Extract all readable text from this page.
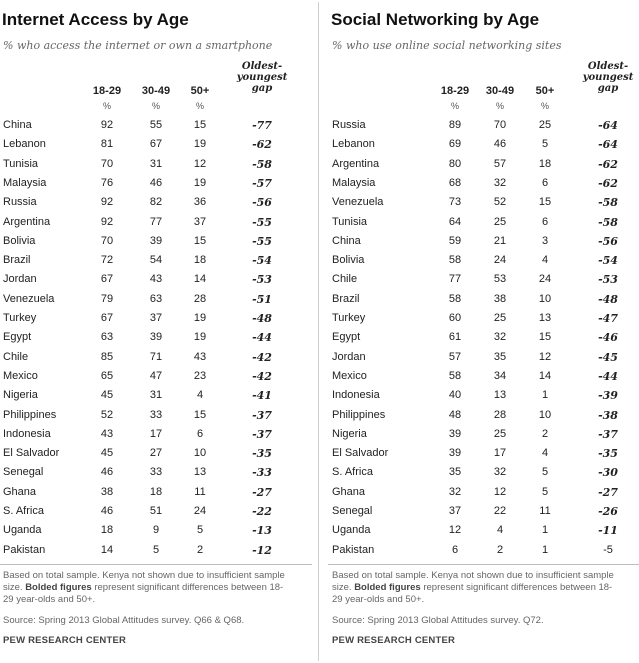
Internet Access by Age
% who access the internet or own a smartphone
Oldest-
youngest
gap
18-29	30-49	50+
%	%	%
China	92	55	15	-77
Lebanon	81	67	19	-62
Tunisia	70	31	12	-58
Malaysia	76	46	19	-57
Russia	92	82	36	-56
Argentina	92	77	37	-55
Bolivia	70	39	15	-55
Brazil	72	54	18	-54
Jordan	67	43	14	-53
Venezuela	79	63	28	-51
Turkey	67	37	19	-48
Egypt	63	39	19	-44
Chile	85	71	43	-42
Mexico	65	47	23	-42
Nigeria	45	31	4	-41
Philippines	52	33	15	-37
Indonesia	43	17	6	-37
El Salvador	45	27	10	-35
Senegal	46	33	13	-33
Ghana	38	18	11	-27
S. Africa	46	51	24	-22
Uganda	18	9	5	-13
Pakistan	14	5	2	-12
Based on total sample. Kenya not shown due to insufficient sample
size. Bolded figures represent significant differences between 18-
29 year-olds and 50+.
Source: Spring 2013 Global Attitudes survey. Q66 & Q68.
PEW RESEARCH CENTER
Social Networking by Age
% who use online social networking sites
Oldest-
youngest
gap
18-29	30-49	50+
%	%	%
Russia	89	70	25	-64
Lebanon	69	46	5	-64
Argentina	80	57	18	-62
Malaysia	68	32	6	-62
Venezuela	73	52	15	-58
Tunisia	64	25	6	-58
China	59	21	3	-56
Bolivia	58	24	4	-54
Chile	77	53	24	-53
Brazil	58	38	10	-48
Turkey	60	25	13	-47
Egypt	61	32	15	-46
Jordan	57	35	12	-45
Mexico	58	34	14	-44
Indonesia	40	13	1	-39
Philippines	48	28	10	-38
Nigeria	39	25	2	-37
El Salvador	39	17	4	-35
S. Africa	35	32	5	-30
Ghana	32	12	5	-27
Senegal	37	22	11	-26
Uganda	12	4	1	-11
Pakistan	6	2	1	-5
Based on total sample. Kenya not shown due to insufficient sample
size. Bolded figures represent significant differences between 18-
29 year-olds and 50+.
Source: Spring 2013 Global Attitudes survey. Q72.
PEW RESEARCH CENTER
